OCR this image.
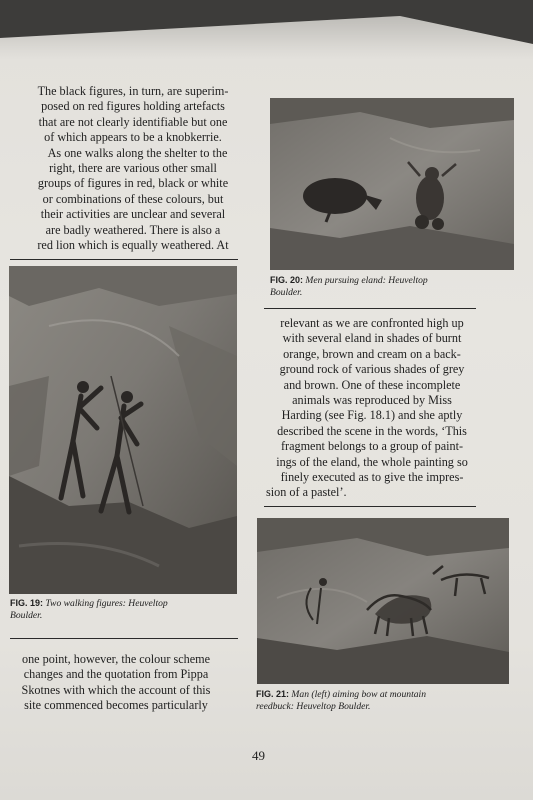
The black figures, in turn, are superim-

posed on red figures holding artefacts

that are not clearly identifiable but one

of which appears to be a knobkerrie.

As one walks along the shelter to the

right, there are various other small

groups of figures in red, black or white

or combinations of these colours, but

their activities are unclear and several

are badly weathered. There is also a

red lion which is equally weathered. At

FIG. 19: Two walking figures: Heuveltop
Boulder.

one point, however, the colour scheme

changes and the quotation from Pippa

Skotnes with which the account of this

site commenced becomes particularly

FIG. 20: Men pursuing eland: Heuveltop
Boulder.

relevant as we are confronted high up

with several eland in shades of burnt

orange, brown and cream on a back-

ground rock of various shades of grey

and brown. One of these incomplete

animals was reproduced by Miss

Harding (see Fig. 18.1) and she aptly

described the scene in the words, ‘This

fragment belongs to a group of paint-

ings of the eland, the whole painting so

finely executed as to give the impres-

sion of a pastel’.

FIG. 21: Man (left) aiming bow at mountain
reedbuck: Heuveltop Boulder.
49
